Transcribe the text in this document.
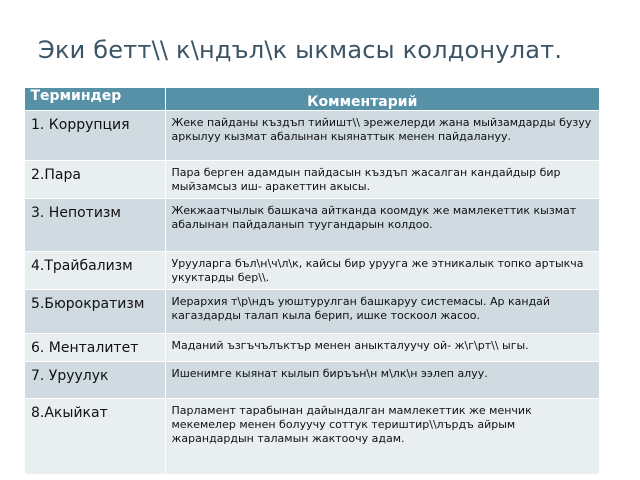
Эки бетт\\ к\ндъл\к ыкмасы колдонулат.
Терминдер	Комментарий
1. Коррупция	Жеке пайданы къздъп тийишт\\ эрежелерди жана мыйзамдарды бузуу аркылуу кызмат абалынан кыянаттык менен пайдалануу.
2.Пара	Пара берген адамдын пайдасын къздъп жасалган кандайдыр бир мыйзамсыз иш- аракеттин акысы.
3. Непотизм	Жекжаатчылык башкача айтканда коомдук же мамлекеттик кызмат абалынан пайдаланып туугандарын колдоо.
4.Трайбализм	Урууларга бъл\н\ч\л\к, кайсы бир урууга же этникалык топко артыкча укуктарды бер\\.
5.Бюрократизм	Иерархия т\р\ндъ уюштурулган башкаруу системасы. Ар кандай кагаздарды талап кыла берип, ишке тоскоол жасоо.
6. Менталитет	Маданий ъзгъчълъктър менен аныкталуучу ой- ж\г\рт\\ ыгы.
7. Уруулук	Ишенимге кыянат кылып биръън\н м\лк\н ээлеп алуу.
8.Акыйкат	Парламент тарабынан дайындалган мамлекеттик же менчик мекемелер менен болуучу соттук териштир\\лърдъ айрым жарандардын таламын жактоочу адам.
